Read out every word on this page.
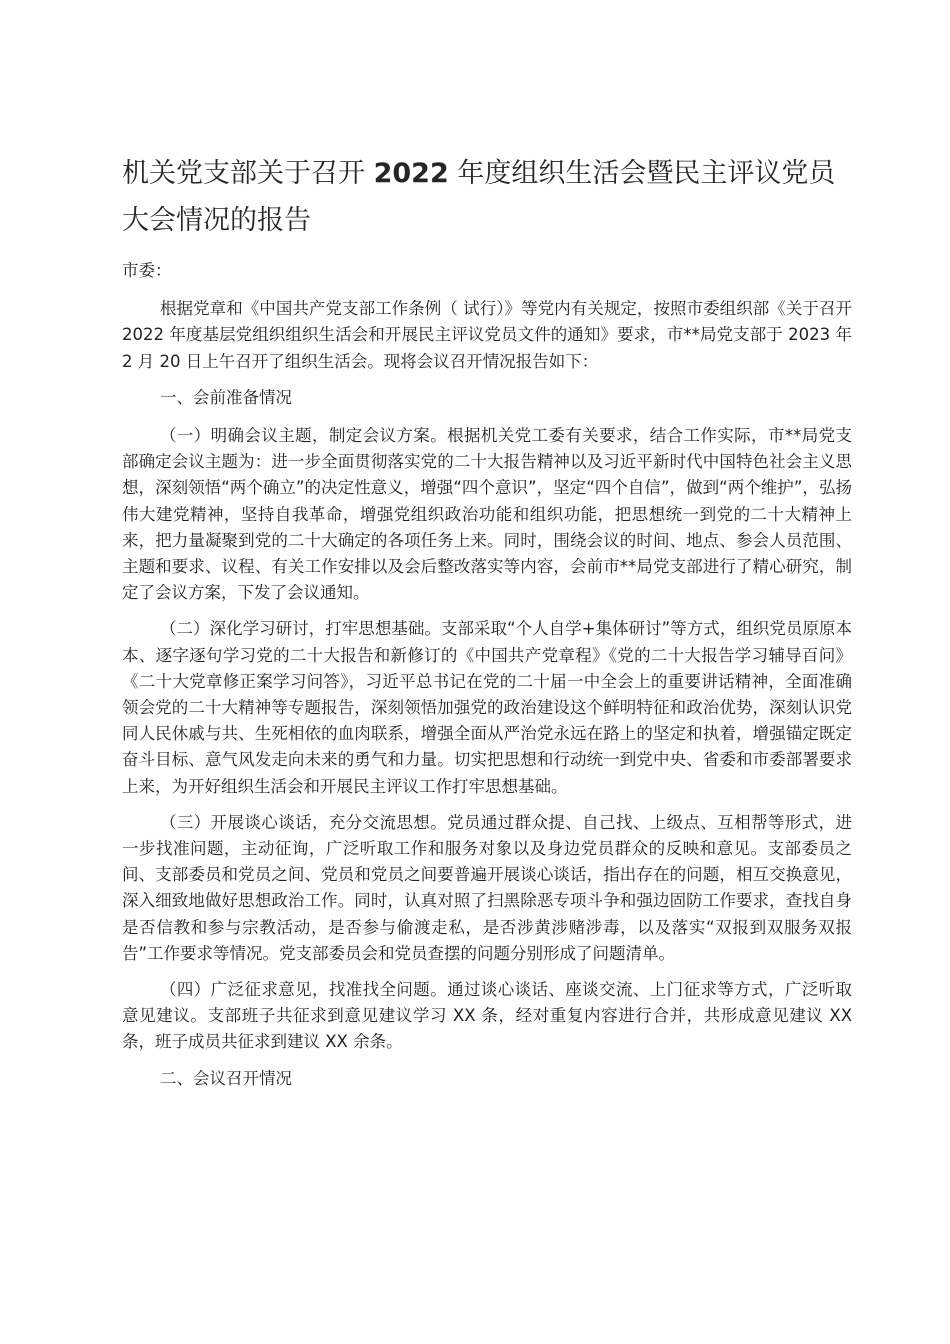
机关党支部关于召开 2022 年度组织生活会暨民主评议党员大会情况的报告

市委：

根据党章和《中国共产党支部工作条例（ 试行）》等党内有关规定，按照市委组织部《关于召开 2022 年度基层党组织组织生活会和开展民主评议党员文件的通知》要求，市**局党支部于 2023 年 2 月 20 日上午召开了组织生活会。现将会议召开情况报告如下：

一、会前准备情况

（一）明确会议主题，制定会议方案。根据机关党工委有关要求，结合工作实际，市**局党支部确定会议主题为：进一步全面贯彻落实党的二十大报告精神以及习近平新时代中国特色社会主义思想，深刻领悟“两个确立”的决定性意义，增强“四个意识”，坚定“四个自信”，做到“两个维护”，弘扬伟大建党精神，坚持自我革命，增强党组织政治功能和组织功能，把思想统一到党的二十大精神上来，把力量凝聚到党的二十大确定的各项任务上来。同时，围绕会议的时间、地点、参会人员范围、主题和要求、议程、有关工作安排以及会后整改落实等内容，会前市**局党支部进行了精心研究，制定了会议方案，下发了会议通知。

（二）深化学习研讨，打牢思想基础。支部采取“个人自学+集体研讨”等方式，组织党员原原本本、逐字逐句学习党的二十大报告和新修订的《中国共产党章程》《党的二十大报告学习辅导百问》《二十大党章修正案学习问答》，习近平总书记在党的二十届一中全会上的重要讲话精神，全面准确领会党的二十大精神等专题报告，深刻领悟加强党的政治建设这个鲜明特征和政治优势，深刻认识党同人民休戚与共、生死相依的血肉联系，增强全面从严治党永远在路上的坚定和执着，增强锚定既定奋斗目标、意气风发走向未来的勇气和力量。切实把思想和行动统一到党中央、省委和市委部署要求上来，为开好组织生活会和开展民主评议工作打牢思想基础。

（三）开展谈心谈话，充分交流思想。党员通过群众提、自己找、上级点、互相帮等形式，进一步找准问题，主动征询，广泛听取工作和服务对象以及身边党员群众的反映和意见。支部委员之间、支部委员和党员之间、党员和党员之间要普遍开展谈心谈话，指出存在的问题，相互交换意见，深入细致地做好思想政治工作。同时，认真对照了扫黑除恶专项斗争和强边固防工作要求，查找自身是否信教和参与宗教活动，是否参与偷渡走私，是否涉黄涉赌涉毒，以及落实“双报到双服务双报告”工作要求等情况。党支部委员会和党员查摆的问题分别形成了问题清单。

（四）广泛征求意见，找准找全问题。通过谈心谈话、座谈交流、上门征求等方式，广泛听取意见建议。支部班子共征求到意见建议学习 XX 条，经对重复内容进行合并，共形成意见建议 XX 条，班子成员共征求到建议 XX 余条。

二、会议召开情况
